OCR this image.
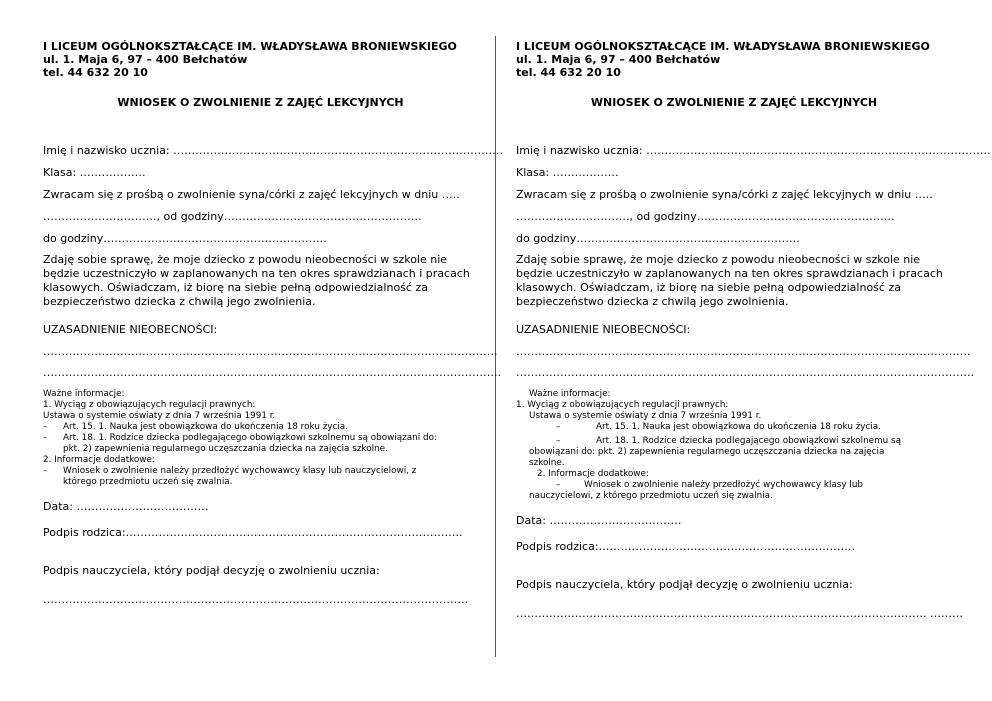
I LICEUM OGÓLNOKSZTAŁCĄCE IM. WŁADYSŁAWA BRONIEWSKIEGO
ul. 1. Maja 6, 97 – 400 Bełchatów
tel. 44 632 20 10
WNIOSEK O ZWOLNIENIE Z ZAJĘĆ LEKCYJNYCH

Imię i nazwisko ucznia: ………………………………………………………………………………

Klasa: ………………

Zwracam się z prośbą o zwolnienie syna/córki z zajęć lekcyjnych w dniu …..

…………………………., od godziny………………………………………………

do godziny…………………………………………………….

Zdaję sobie sprawę, że moje dziecko z powodu nieobecności w szkole nie będzie uczestniczyło w zaplanowanych na ten okres sprawdzianach i pracach klasowych. Oświadczam, iż biorę na siebie pełną odpowiedzialność za bezpieczeństwo dziecka z chwilą jego zwolnienia.

UZASADNIENIE NIEOBECNOŚCI:

…………………………………………………………………………………………………………….

……………………………………………………………………………………………………………..

Ważne informacje:

1. Wyciąg z obowiązujących regulacji prawnych:

Ustawa o systemie oświaty z dnia 7 września 1991 r.

– Art. 15. 1. Nauka jest obowiązkowa do ukończenia 18 roku życia.

– Art. 18. 1. Rodzice dziecka podlegającego obowiązkowi szkolnemu są obowiązani do:

pkt. 2) zapewnienia regularnego uczęszczania dziecka na zajęcia szkolne.

2. Informacje dodatkowe:

– Wniosek o zwolnienie należy przedłożyć wychowawcy klasy lub nauczycielowi, z

którego przedmiotu uczeń się zwalnia.

Data: ………………………………

Podpis rodzica:………………………………………………………………………………..

Podpis nauczyciela, który podjął decyzję o zwolnieniu ucznia:

……………………………………………………………………………………………………..

I LICEUM OGÓLNOKSZTAŁCĄCE IM. WŁADYSŁAWA BRONIEWSKIEGO
ul. 1. Maja 6, 97 – 400 Bełchatów
tel. 44 632 20 10
WNIOSEK O ZWOLNIENIE Z ZAJĘĆ LEKCYJNYCH

Imię i nazwisko ucznia: ………………………………………………………………………………….

Klasa: ………………

Zwracam się z prośbą o zwolnienie syna/córki z zajęć lekcyjnych w dniu …..

…………………………., od godziny………………………………………………

do godziny…………………………………………………….

Zdaję sobie sprawę, że moje dziecko z powodu nieobecności w szkole nie będzie uczestniczyło w zaplanowanych na ten okres sprawdzianach i pracach klasowych. Oświadczam, iż biorę na siebie pełną odpowiedzialność za bezpieczeństwo dziecka z chwilą jego zwolnienia.

UZASADNIENIE NIEOBECNOŚCI:

…………………………………………………………………………………………………………….

……………………………………………………………………………………………………………..

Ważne informacje:

1. Wyciąg z obowiązujących regulacji prawnych:

Ustawa o systemie oświaty z dnia 7 września 1991 r.

–	Art. 15. 1. Nauka jest obowiązkowa do ukończenia 18 roku życia.

–	Art. 18. 1. Rodzice dziecka podlegającego obowiązkowi szkolnemu są

obowiązani do: pkt. 2) zapewnienia regularnego uczęszczania dziecka na zajęcia

szkolne.

2. Informacje dodatkowe:

–	Wniosek o zwolnienie należy przedłożyć wychowawcy klasy lub

nauczycielowi, z którego przedmiotu uczeń się zwalnia.

Data: ………………………………

Podpis rodzica:…………………………………………………………….

Podpis nauczyciela, który podjął decyzję o zwolnieniu ucznia:

…………………………………………………………………………………………………. ………
